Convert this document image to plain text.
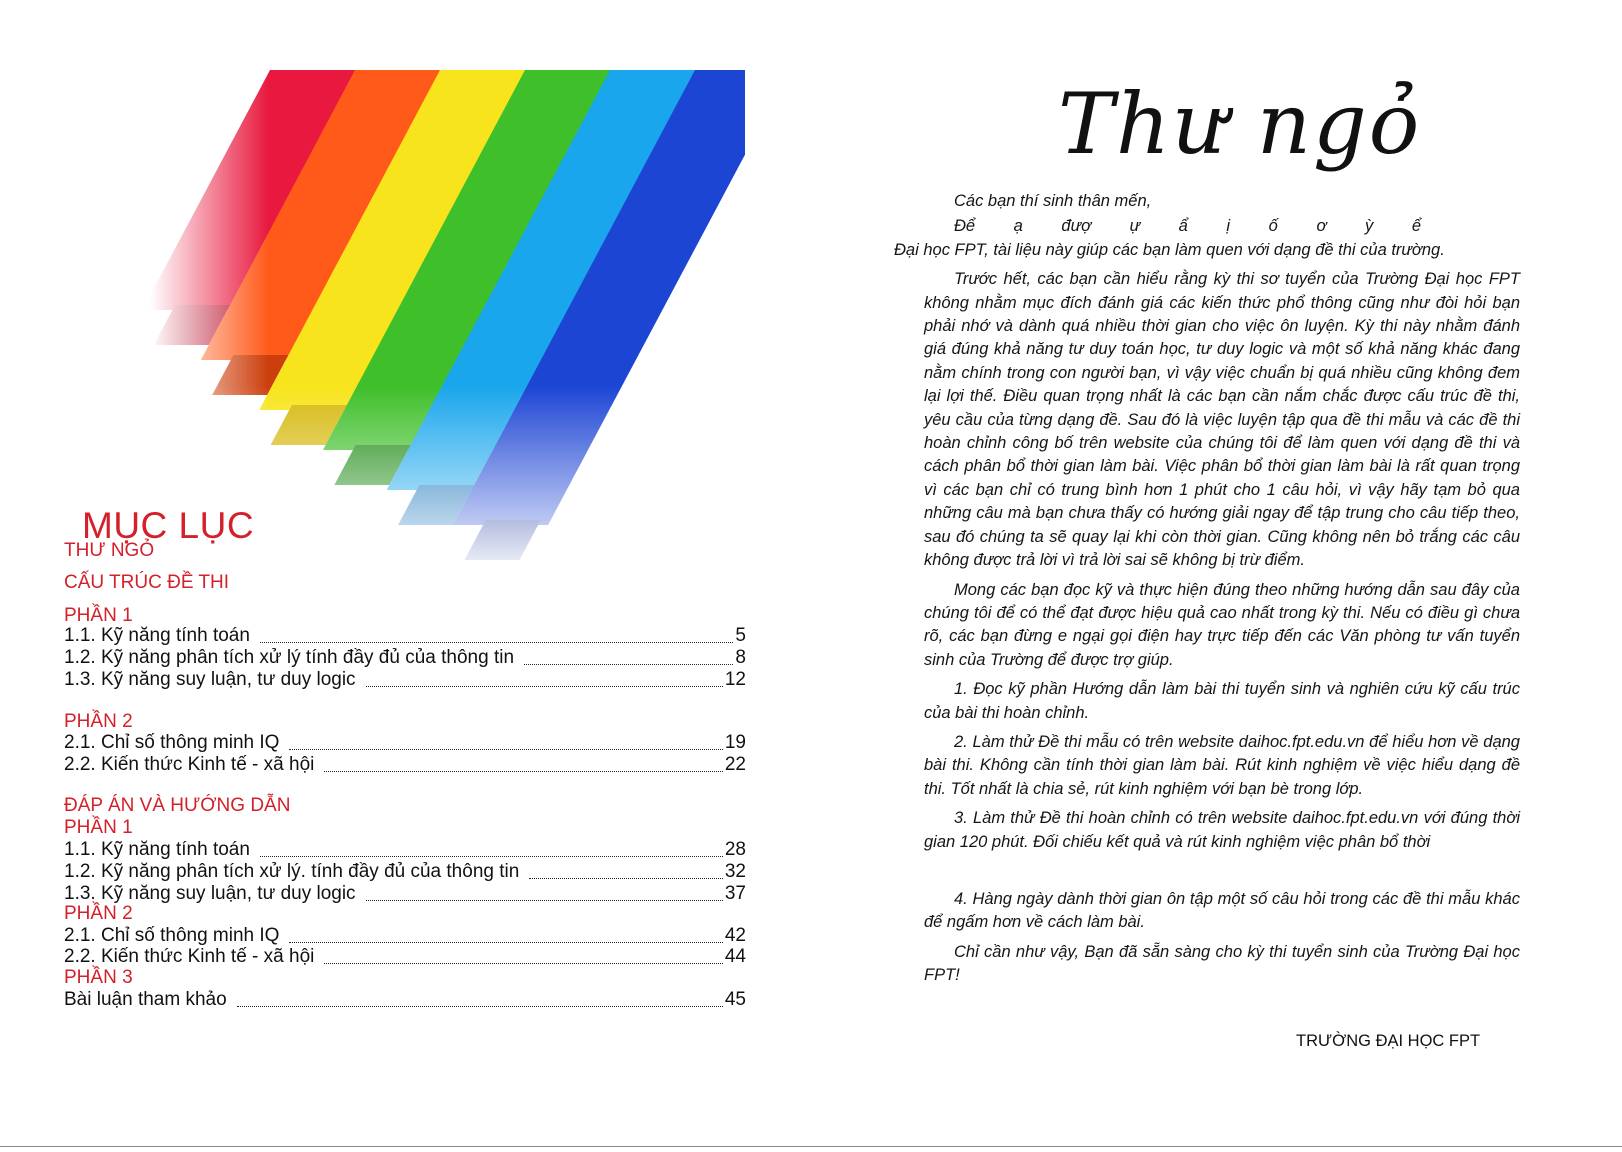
MỤC LỤC
THƯ NGỎ
CẤU TRÚC ĐỀ THI
PHẦN 1
1.1. Kỹ năng tính toán	5
1.2. Kỹ năng phân tích xử lý tính đầy đủ của thông tin	8
1.3. Kỹ năng suy luận, tư duy logic	12
PHẦN 2
2.1. Chỉ số thông minh IQ	19
2.2. Kiến thức Kinh tế - xã hội	22
ĐÁP ÁN VÀ HƯỚNG DẪN
PHẦN 1
1.1. Kỹ năng tính toán	28
1.2. Kỹ năng phân tích xử lý. tính đầy đủ của thông tin	32
1.3. Kỹ năng suy luận, tư duy logic	37
PHẦN 2
2.1. Chỉ số thông minh IQ	42
2.2. Kiến thức Kinh tế - xã hội	44
PHẦN 3
Bài luận tham khảo	45
Thư ngỏ

Các bạn thí sinh thân mến,

Để ạ đượ ự ẩ ị ố ơ ỳ ể

Đại học FPT, tài liệu này giúp các bạn làm quen với dạng đề thi của trường.

Trước hết, các bạn cần hiểu rằng kỳ thi sơ tuyển của Trường Đại học FPT không nhằm mục đích đánh giá các kiến thức phổ thông cũng như đòi hỏi bạn phải nhớ và dành quá nhiều thời gian cho việc ôn luyện. Kỳ thi này nhằm đánh giá đúng khả năng tư duy toán học, tư duy logic và một số khả năng khác đang nằm chính trong con người bạn, vì vậy việc chuẩn bị quá nhiều cũng không đem lại lợi thế. Điều quan trọng nhất là các bạn cần nắm chắc được cấu trúc đề thi, yêu cầu của từng dạng đề. Sau đó là việc luyện tập qua đề thi mẫu và các đề thi hoàn chỉnh công bố trên website của chúng tôi để làm quen với dạng đề thi và cách phân bổ thời gian làm bài. Việc phân bổ thời gian làm bài là rất quan trọng vì các bạn chỉ có trung bình hơn 1 phút cho 1 câu hỏi, vì vậy hãy tạm bỏ qua những câu mà bạn chưa thấy có hướng giải ngay để tập trung cho câu tiếp theo, sau đó chúng ta sẽ quay lại khi còn thời gian. Cũng không nên bỏ trắng các câu không được trả lời vì trả lời sai sẽ không bị trừ điểm.

Mong các bạn đọc kỹ và thực hiện đúng theo những hướng dẫn sau đây của chúng tôi để có thể đạt được hiệu quả cao nhất trong kỳ thi. Nếu có điều gì chưa rõ, các bạn đừng e ngại gọi điện hay trực tiếp đến các Văn phòng tư vấn tuyển sinh của Trường để được trợ giúp.

1. Đọc kỹ phần Hướng dẫn làm bài thi tuyển sinh và nghiên cứu kỹ cấu trúc của bài thi hoàn chỉnh.

2. Làm thử Đề thi mẫu có trên website daihoc.fpt.edu.vn để hiểu hơn về dạng bài thi. Không cần tính thời gian làm bài. Rút kinh nghiệm về việc hiểu dạng đề thi. Tốt nhất là chia sẻ, rút kinh nghiệm với bạn bè trong lớp.

3. Làm thử Đề thi hoàn chỉnh có trên website daihoc.fpt.edu.vn với đúng thời gian 120 phút. Đối chiếu kết quả và rút kinh nghiệm việc phân bổ thời

4. Hàng ngày dành thời gian ôn tập một số câu hỏi trong các đề thi mẫu khác để ngấm hơn về cách làm bài.

Chỉ cần như vậy, Bạn đã sẵn sàng cho kỳ thi tuyển sinh của Trường Đại học FPT!

TRƯỜNG ĐẠI HỌC FPT
